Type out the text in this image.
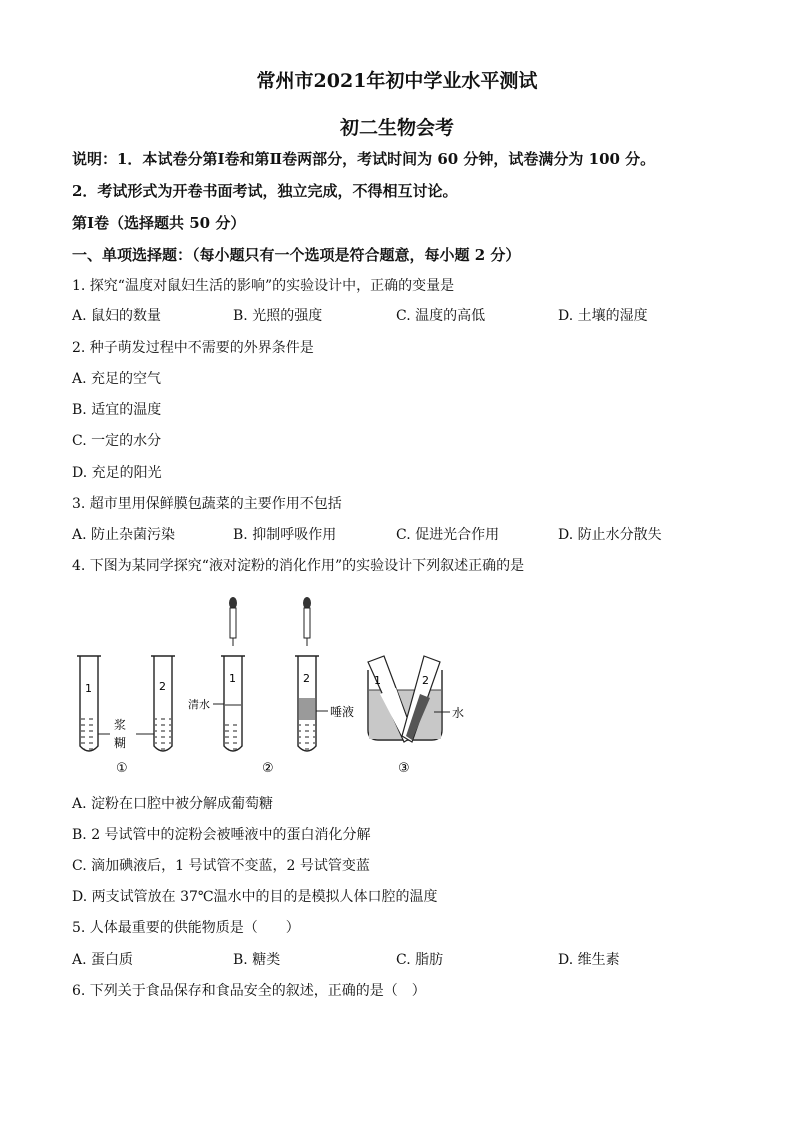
常州市2021年初中学业水平测试
初二生物会考
说明：1．本试卷分第Ⅰ卷和第Ⅱ卷两部分，考试时间为 60 分钟，试卷满分为 100 分。
2．考试形式为开卷书面考试，独立完成，不得相互讨论。
第Ⅰ卷（选择题共 50 分）
一、单项选择题：（每小题只有一个选项是符合题意，每小题 2 分）
1. 探究“温度对鼠妇生活的影响”的实验设计中，正确的变量是
A. 鼠妇的数量	B. 光照的强度	C. 温度的高低	D. 土壤的湿度
2. 种子萌发过程中不需要的外界条件是
A. 充足的空气
B. 适宜的温度
C. 一定的水分
D. 充足的阳光
3. 超市里用保鲜膜包蔬菜的主要作用不包括
A. 防止杂菌污染	B. 抑制呼吸作用	C. 促进光合作用	D. 防止水分散失
4. 下图为某同学探究“液对淀粉的消化作用”的实验设计下列叙述正确的是
1	2
浆
糊
①
1
清水
2
唾液
②
1	2
水
③
A. 淀粉在口腔中被分解成葡萄糖
B. 2 号试管中的淀粉会被唾液中的蛋白消化分解
C. 滴加碘液后，1 号试管不变蓝，2 号试管变蓝
D. 两支试管放在 37℃温水中的目的是模拟人体口腔的温度
5. 人体最重要的供能物质是（　　）
A. 蛋白质	B. 糖类	C. 脂肪	D. 维生素
6. 下列关于食品保存和食品安全的叙述，正确的是（　）
